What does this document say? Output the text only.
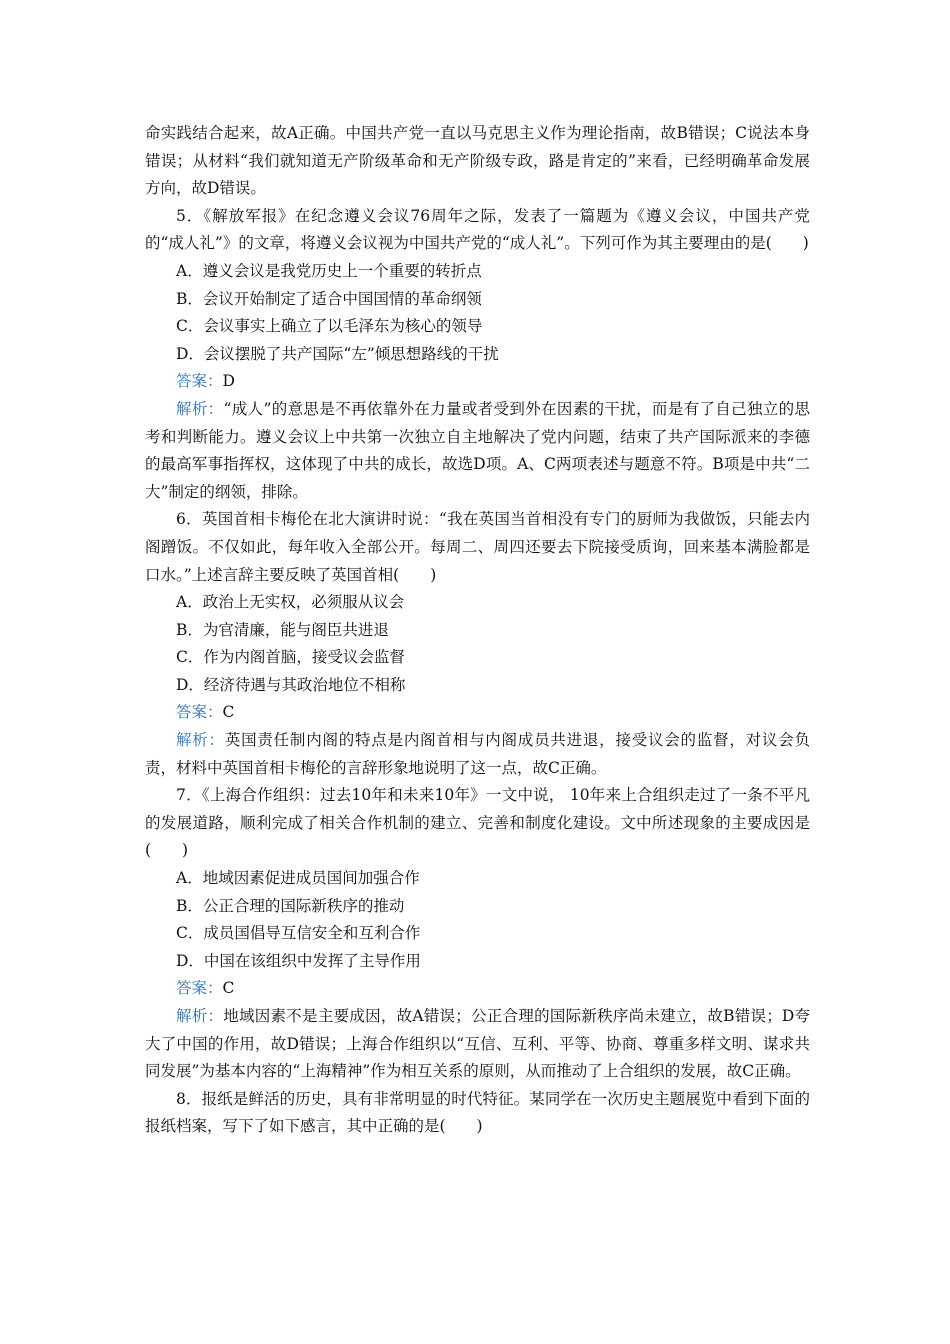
命实践结合起来，故A正确。中国共产党一直以马克思主义作为理论指南，故B错误；C说法本身错误；从材料“我们就知道无产阶级革命和无产阶级专政，路是肯定的”来看，已经明确革命发展方向，故D错误。

5．《解放军报》在纪念遵义会议76周年之际，发表了一篇题为《遵义会议，中国共产党的“成人礼”》的文章，将遵义会议视为中国共产党的“成人礼”。下列可作为其主要理由的是(　　)

A．遵义会议是我党历史上一个重要的转折点

B．会议开始制定了适合中国国情的革命纲领

C．会议事实上确立了以毛泽东为核心的领导

D．会议摆脱了共产国际“左”倾思想路线的干扰

答案：D

解析：“成人”的意思是不再依靠外在力量或者受到外在因素的干扰，而是有了自己独立的思考和判断能力。遵义会议上中共第一次独立自主地解决了党内问题，结束了共产国际派来的李德的最高军事指挥权，这体现了中共的成长，故选D项。A、C两项表述与题意不符。B项是中共“二大”制定的纲领，排除。

6．英国首相卡梅伦在北大演讲时说：“我在英国当首相没有专门的厨师为我做饭，只能去内阁蹭饭。不仅如此，每年收入全部公开。每周二、周四还要去下院接受质询，回来基本满脸都是口水。”上述言辞主要反映了英国首相(　　)

A．政治上无实权，必须服从议会

B．为官清廉，能与阁臣共进退

C．作为内阁首脑，接受议会监督

D．经济待遇与其政治地位不相称

答案：C

解析：英国责任制内阁的特点是内阁首相与内阁成员共进退，接受议会的监督，对议会负责，材料中英国首相卡梅伦的言辞形象地说明了这一点，故C正确。

7．《上海合作组织：过去10年和未来10年》一文中说， 10年来上合组织走过了一条不平凡的发展道路，顺利完成了相关合作机制的建立、完善和制度化建设。文中所述现象的主要成因是(　　)

A．地域因素促进成员国间加强合作

B．公正合理的国际新秩序的推动

C．成员国倡导互信安全和互利合作

D．中国在该组织中发挥了主导作用

答案：C

解析：地域因素不是主要成因，故A错误；公正合理的国际新秩序尚未建立，故B错误；D夸大了中国的作用，故D错误；上海合作组织以“互信、互利、平等、协商、尊重多样文明、谋求共同发展”为基本内容的“上海精神”作为相互关系的原则，从而推动了上合组织的发展，故C正确。

8．报纸是鲜活的历史，具有非常明显的时代特征。某同学在一次历史主题展览中看到下面的报纸档案，写下了如下感言，其中正确的是(　　)
